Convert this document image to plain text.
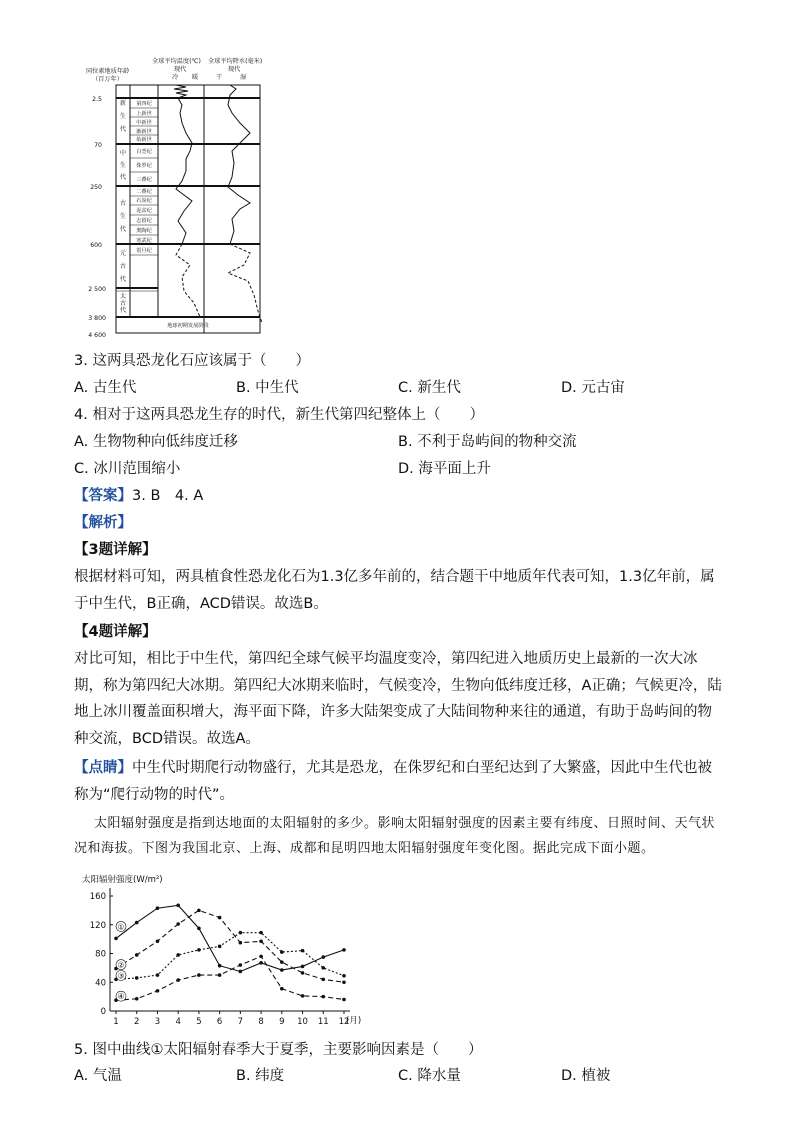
同位素地质年龄（百万年）
全球平均温度(℃)
现代
冷 暖
全球平均降水(毫米)
现代
干	湿
2.5
70
250
600
2 500
3 800
4 600
新
生
代
中
生
代
古
生
代
元
古
代
太
古
代
第四纪
上新世
中新世
渐新世
始新世
白垩纪
侏罗纪
三叠纪
二叠纪
石炭纪
泥盆纪
志留纪
奥陶纪
寒武纪
震旦纪
地球初期发展阶段
3. 这两具恐龙化石应该属于（　　）
A. 古生代	B. 中生代	C. 新生代	D. 元古宙
4. 相对于这两具恐龙生存的时代，新生代第四纪整体上（　　）
A. 生物物种向低纬度迁移	B. 不利于岛屿间的物种交流
C. 冰川范围缩小	D. 海平面上升
【答案】3. B　4. A
【解析】
【3题详解】
根据材料可知，两具植食性恐龙化石为1.3亿多年前的，结合题干中地质年代表可知，1.3亿年前，属于中生代，B正确，ACD错误。故选B。
【4题详解】
对比可知，相比于中生代，第四纪全球气候平均温度变冷，第四纪进入地质历史上最新的一次大冰期，称为第四纪大冰期。第四纪大冰期来临时，气候变冷，生物向低纬度迁移，A正确；气候更冷，陆地上冰川覆盖面积增大，海平面下降，许多大陆架变成了大陆间物种来往的通道，有助于岛屿间的物种交流，BCD错误。故选A。
【点睛】中生代时期爬行动物盛行，尤其是恐龙，在侏罗纪和白垩纪达到了大繁盛，因此中生代也被称为“爬行动物的时代”。
太阳辐射强度是指到达地面的太阳辐射的多少。影响太阳辐射强度的因素主要有纬度、日照时间、天气状况和海拔。下图为我国北京、上海、成都和昆明四地太阳辐射强度年变化图。据此完成下面小题。
太阳辐射强度(W/m²)
(月)
0
40
80
120
160
1 2 3 4 5 6 7 8 9 10 11 12
①
②
③
④
5. 图中曲线①太阳辐射春季大于夏季，主要影响因素是（　　）
A. 气温	B. 纬度	C. 降水量	D. 植被
